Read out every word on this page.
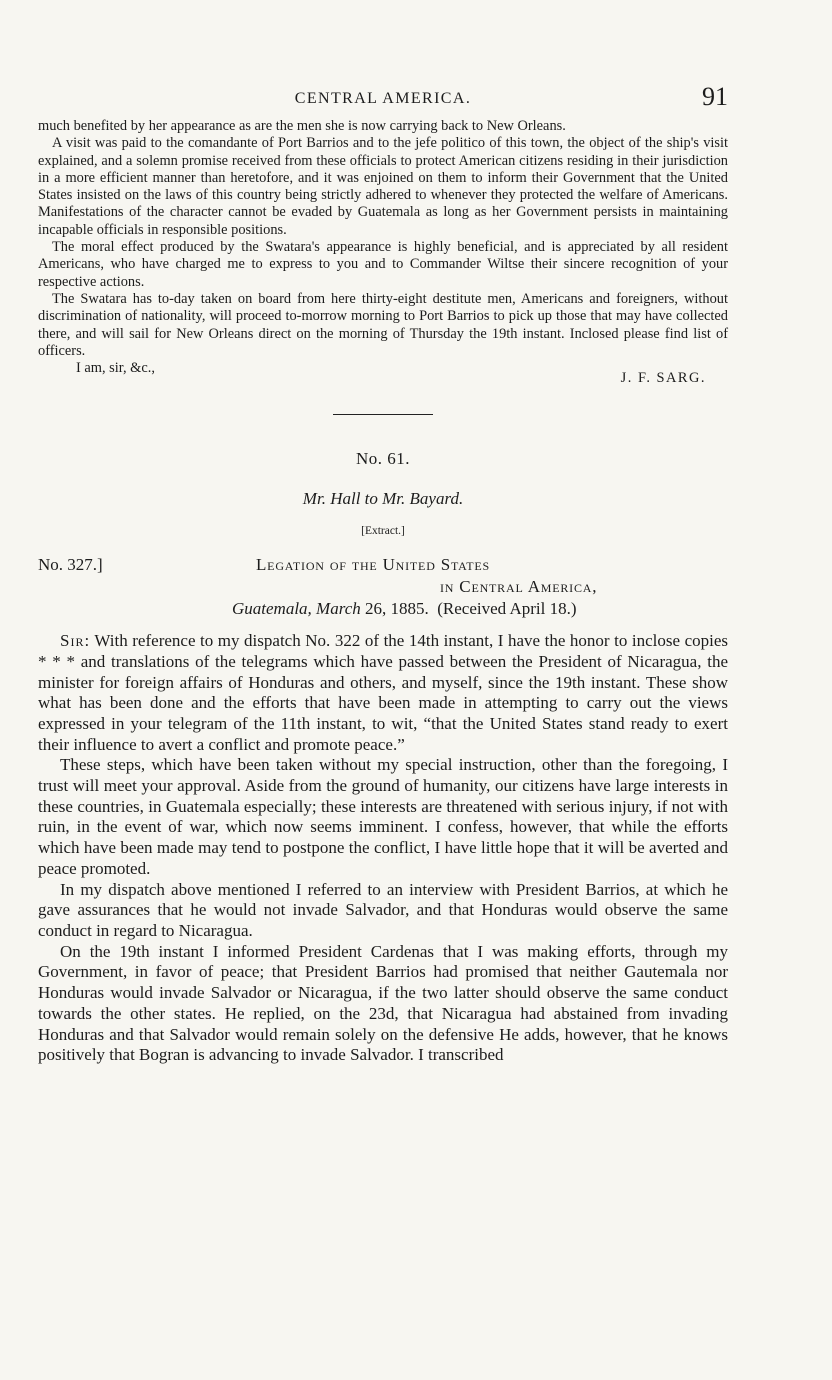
CENTRAL AMERICA.	91

much benefited by her appearance as are the men she is now carrying back to New Orleans.

A visit was paid to the comandante of Port Barrios and to the jefe politico of this town, the object of the ship's visit explained, and a solemn promise received from these officials to protect American citizens residing in their jurisdiction in a more efficient manner than heretofore, and it was enjoined on them to inform their Government that the United States insisted on the laws of this country being strictly adhered to whenever they protected the welfare of Americans. Manifestations of the character cannot be evaded by Guatemala as long as her Government persists in maintaining incapable officials in responsible positions.

The moral effect produced by the Swatara's appearance is highly beneficial, and is appreciated by all resident Americans, who have charged me to express to you and to Commander Wiltse their sincere recognition of your respective actions.

The Swatara has to-day taken on board from here thirty-eight destitute men, Americans and foreigners, without discrimination of nationality, will proceed to-morrow morning to Port Barrios to pick up those that may have collected there, and will sail for New Orleans direct on the morning of Thursday the 19th instant. Inclosed please find list of officers.

I am, sir, &c.,
J. F. SARG.
No. 61.
Mr. Hall to Mr. Bayard.
[Extract.]
No. 327.]	Legation of the United States
in Central America,
Guatemala, March 26, 1885. (Received April 18.)

Sir: With reference to my dispatch No. 322 of the 14th instant, I have the honor to inclose copies * * * and translations of the telegrams which have passed between the President of Nicaragua, the minister for foreign affairs of Honduras and others, and myself, since the 19th instant. These show what has been done and the efforts that have been made in attempting to carry out the views expressed in your telegram of the 11th instant, to wit, “that the United States stand ready to exert their influence to avert a conflict and promote peace.”

These steps, which have been taken without my special instruction, other than the foregoing, I trust will meet your approval. Aside from the ground of humanity, our citizens have large interests in these countries, in Guatemala especially; these interests are threatened with serious injury, if not with ruin, in the event of war, which now seems imminent. I confess, however, that while the efforts which have been made may tend to postpone the conflict, I have little hope that it will be averted and peace promoted.

In my dispatch above mentioned I referred to an interview with President Barrios, at which he gave assurances that he would not invade Salvador, and that Honduras would observe the same conduct in regard to Nicaragua.

On the 19th instant I informed President Cardenas that I was making efforts, through my Government, in favor of peace; that President Barrios had promised that neither Gautemala nor Honduras would invade Salvador or Nicaragua, if the two latter should observe the same conduct towards the other states. He replied, on the 23d, that Nicaragua had abstained from invading Honduras and that Salvador would remain solely on the defensive He adds, however, that he knows positively that Bogran is advancing to invade Salvador. I transcribed
